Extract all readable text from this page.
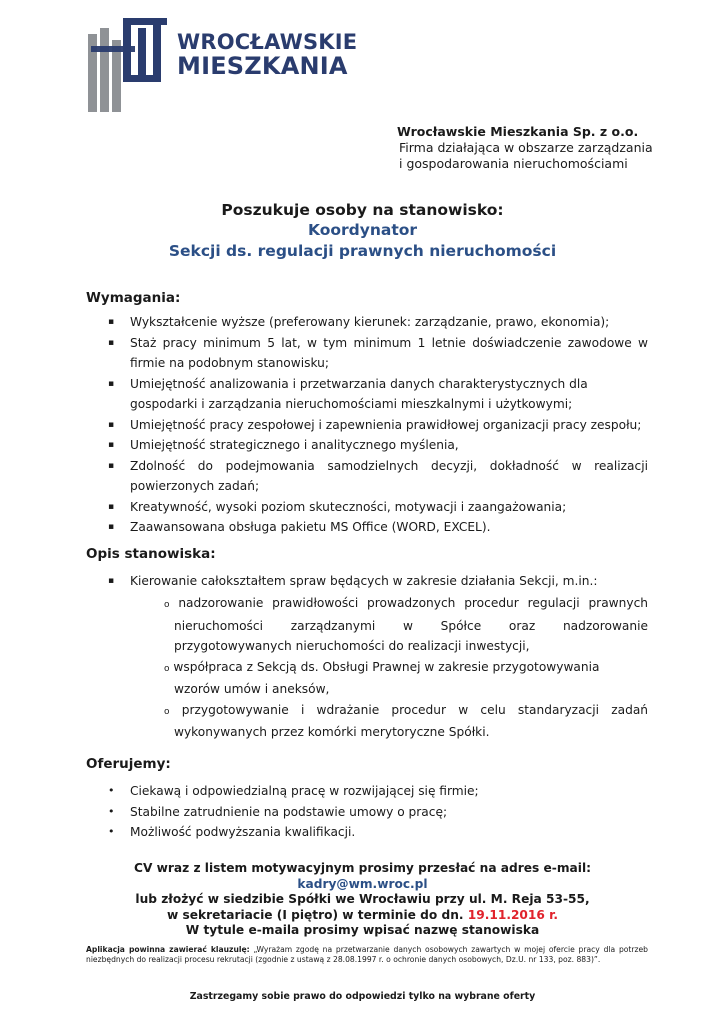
WROCŁAWSKIE
MIESZKANIA
Wrocławskie Mieszkania Sp. z o.o.
Firma działająca w obszarze zarządzania
i gospodarowania nieruchomościami
Poszukuje osoby na stanowisko:
Koordynator
Sekcji ds. regulacji prawnych nieruchomości
Wymagania:
▪ Wykształcenie wyższe (preferowany kierunek: zarządzanie, prawo, ekonomia);
▪ Staż pracy minimum 5 lat, w tym minimum 1 letnie doświadczenie zawodowe w firmie na podobnym stanowisku;
▪ Umiejętność analizowania i przetwarzania danych charakterystycznych dla gospodarki i zarządzania nieruchomościami mieszkalnymi i użytkowymi;
▪ Umiejętność pracy zespołowej i zapewnienia prawidłowej organizacji pracy zespołu;
▪ Umiejętność strategicznego i analitycznego myślenia,
▪ Zdolność do podejmowania samodzielnych decyzji, dokładność w realizacji powierzonych zadań;
▪ Kreatywność, wysoki poziom skuteczności, motywacji i zaangażowania;
▪ Zaawansowana obsługa pakietu MS Office (WORD, EXCEL).
Opis stanowiska:
▪ Kierowanie całokształtem spraw będących w zakresie działania Sekcji, m.in.:
o nadzorowanie prawidłowości prowadzonych procedur regulacji prawnych nieruchomości zarządzanymi w Spółce oraz nadzorowanie przygotowywanych nieruchomości do realizacji inwestycji,
o współpraca z Sekcją ds. Obsługi Prawnej w zakresie przygotowywania wzorów umów i aneksów,
o przygotowywanie i wdrażanie procedur w celu standaryzacji zadań wykonywanych przez komórki merytoryczne Spółki.
Oferujemy:
• Ciekawą i odpowiedzialną pracę w rozwijającej się firmie;
• Stabilne zatrudnienie na podstawie umowy o pracę;
• Możliwość podwyższania kwalifikacji.
CV wraz z listem motywacyjnym prosimy przesłać na adres e-mail:
kadry@wm.wroc.pl
lub złożyć w siedzibie Spółki we Wrocławiu przy ul. M. Reja 53-55,
w sekretariacie (I piętro) w terminie do dn. 19.11.2016 r.
W tytule e-maila prosimy wpisać nazwę stanowiska
Aplikacja powinna zawierać klauzulę: „Wyrażam zgodę na przetwarzanie danych osobowych zawartych w mojej ofercie pracy dla potrzeb niezbędnych do realizacji procesu rekrutacji (zgodnie z ustawą z 28.08.1997 r. o ochronie danych osobowych, Dz.U. nr 133, poz. 883)”.
Zastrzegamy sobie prawo do odpowiedzi tylko na wybrane oferty
